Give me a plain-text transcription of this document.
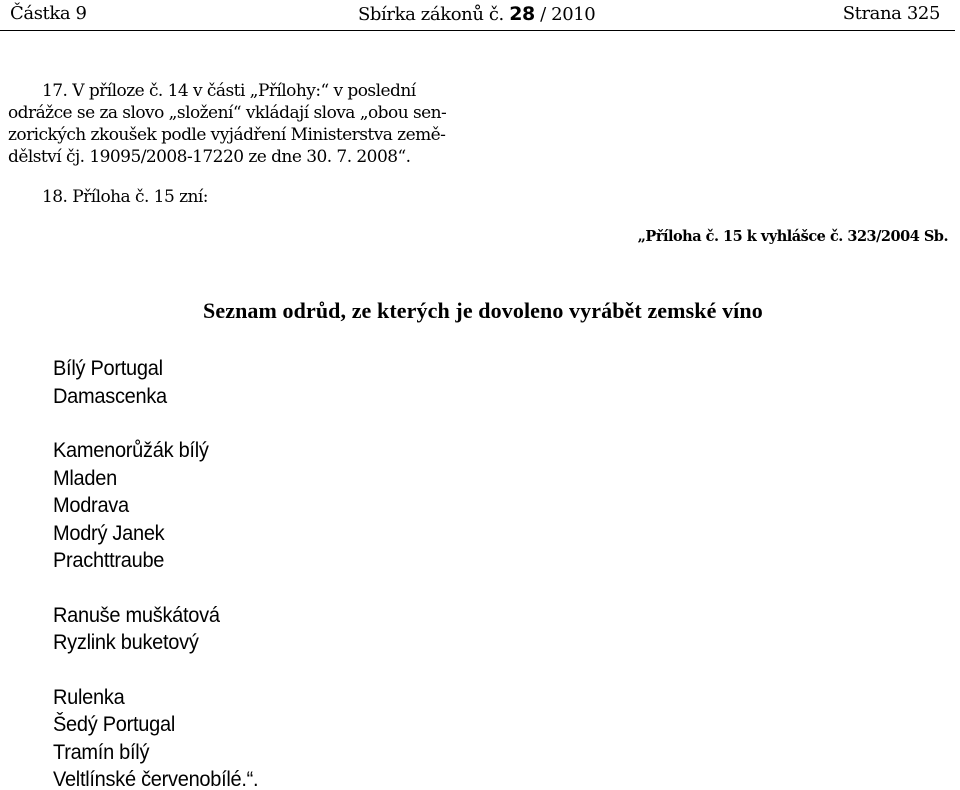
Částka 9	Sbírka zákonů č. 28 / 2010	Strana 325
17. V příloze č. 14 v části „Přílohy:“ v poslední
odrážce se za slovo „složení“ vkládají slova „obou sen-
zorických zkoušek podle vyjádření Ministerstva země-
dělství čj. 19095/2008-17220 ze dne 30. 7. 2008“.
18. Příloha č. 15 zní:
„Příloha č. 15 k vyhlášce č. 323/2004 Sb.
Seznam odrůd, ze kterých je dovoleno vyrábět zemské víno
Bílý Portugal
Damascenka
Kamenorůžák bílý
Mladen
Modrava
Modrý Janek
Prachttraube
Ranuše muškátová
Ryzlink buketový
Rulenka
Šedý Portugal
Tramín bílý
Veltlínské červenobílé.“.
